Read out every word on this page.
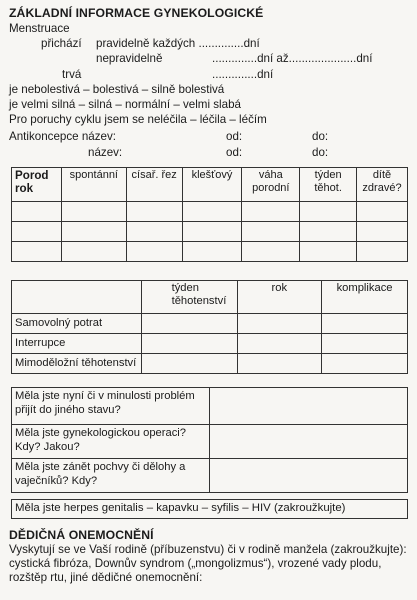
ZÁKLADNÍ INFORMACE GYNEKOLOGICKÉ
Menstruace
přichází pravidelně každých ..............dní
nepravidelně	..............dní až.....................dní
trvá	..............dní
je nebolestivá – bolestivá – silně bolestivá
je velmi silná – silná – normální – velmi slabá
Pro poruchy cyklu jsem se neléčila – léčila – léčím
Antikoncepce název:	od:	do:
název:	od:	do:
Porod rok	spontánní	císař. řez	klešťový	váha porodní	týden těhot.	dítě zdravé?

	týden těhotenství	rok	komplikace
Samovolný potrat			
Interrupce			
Mimoděložní těhotenství			
Měla jste nyní či v minulosti problém přijít do jiného stavu?	
Měla jste gynekologickou operaci? Kdy? Jakou?	
Měla jste zánět pochvy či dělohy a vaječníků? Kdy?	
Měla jste herpes genitalis – kapavku – syfilis – HIV (zakroužkujte)
DĚDIČNÁ ONEMOCNĚNÍ
Vyskytují se ve Vaší rodině (příbuzenstvu) či v rodině manžela (zakroužkujte): cystická fibróza, Downův syndrom („mongolizmus“), vrozené vady plodu, rozštěp rtu, jiné dědičné onemocnění:
